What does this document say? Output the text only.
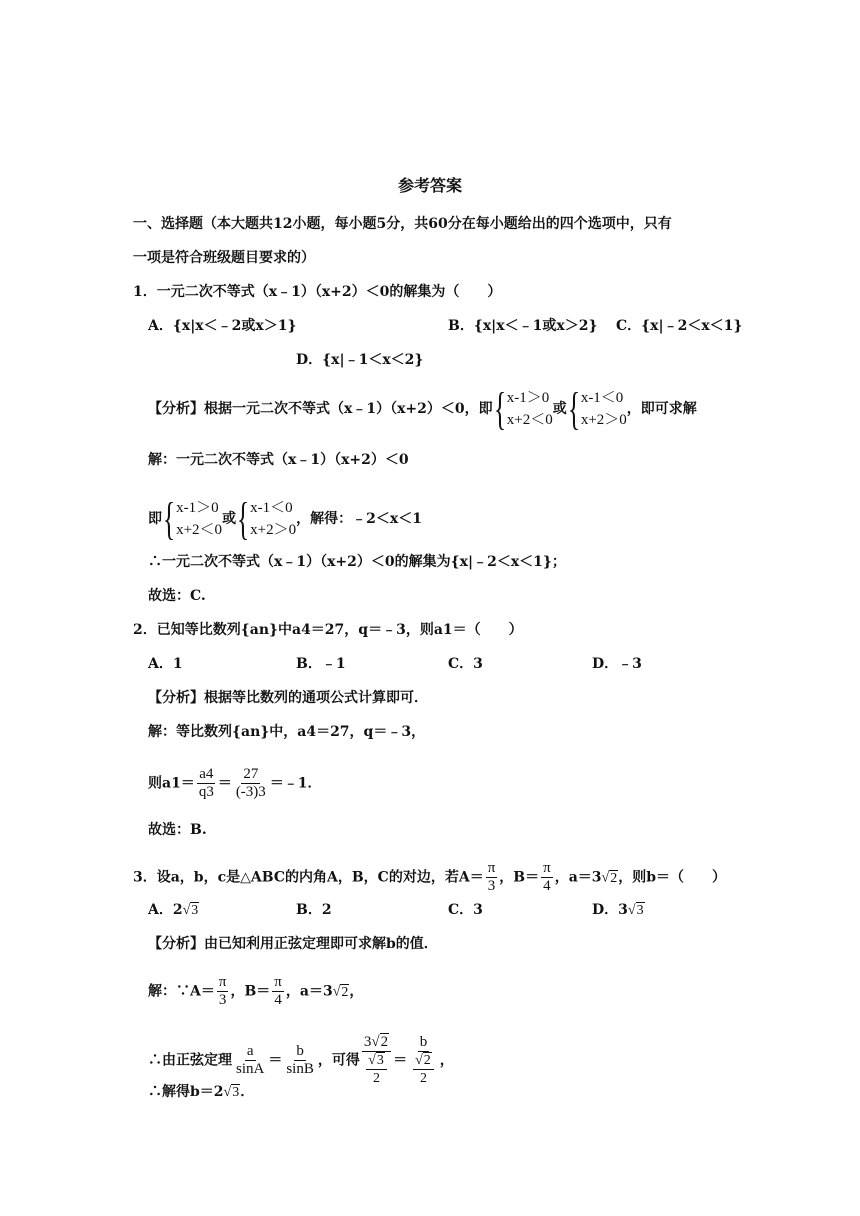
参考答案
一、选择题（本大题共12小题，每小题5分，共60分在每小题给出的四个选项中，只有
一项是符合班级题目要求的）
1．一元二次不等式（x﹣1）（x+2）＜0的解集为（　　）
A．{x|x＜﹣2或x＞1}	B．{x|x＜﹣1或x＞2} C．{x|﹣2＜x＜1}
D．{x|﹣1＜x＜2}
【分析】根据一元二次不等式（x﹣1）（x+2）＜0，即 { x-1＞0
x+2＜0
或 { x-1＜0
x+2＞0
，即可求解
解：一元二次不等式（x﹣1）（x+2）＜0
即 { x-1＞0
x+2＜0
或 { x-1＜0
x+2＞0
，解得：﹣2＜x＜1
∴一元二次不等式（x﹣1）（x+2）＜0的解集为{x|﹣2＜x＜1}；
故选：C.
2．已知等比数列{an}中a4＝27，q＝﹣3，则a1＝（　　）
A．1	B．﹣1	C．3	D．﹣3
【分析】根据等比数列的通项公式计算即可．
解：等比数列{an}中，a4＝27，q＝﹣3，
则$a1= \frac{a4}{q3} = \frac{27}{(-3)3}$ ＝﹣1．
故选：B.
3．设a，b，c是△ABC的内角A，B，C的对边，若$A= \frac{\pi}{3}$ ，$B= \frac{\pi}{4}$ ，a＝3√2，则b＝（　　）
A．2√3	B．2	C．3	D．3√3
【分析】由已知利用正弦定理即可求解b的值．
解：∵A＝ $\frac{\pi}{3}$ ，$B= \frac{\pi}{4}$ ，a＝3√2，
∴由正弦定理 $\frac{a}{\sin A} = \frac{b}{\sin B}$ ，可得 $\frac{3√2}{\frac{√3}{2}} = \frac{b}{\frac{√2}{2}}$ ，
∴解得b＝2√3．
